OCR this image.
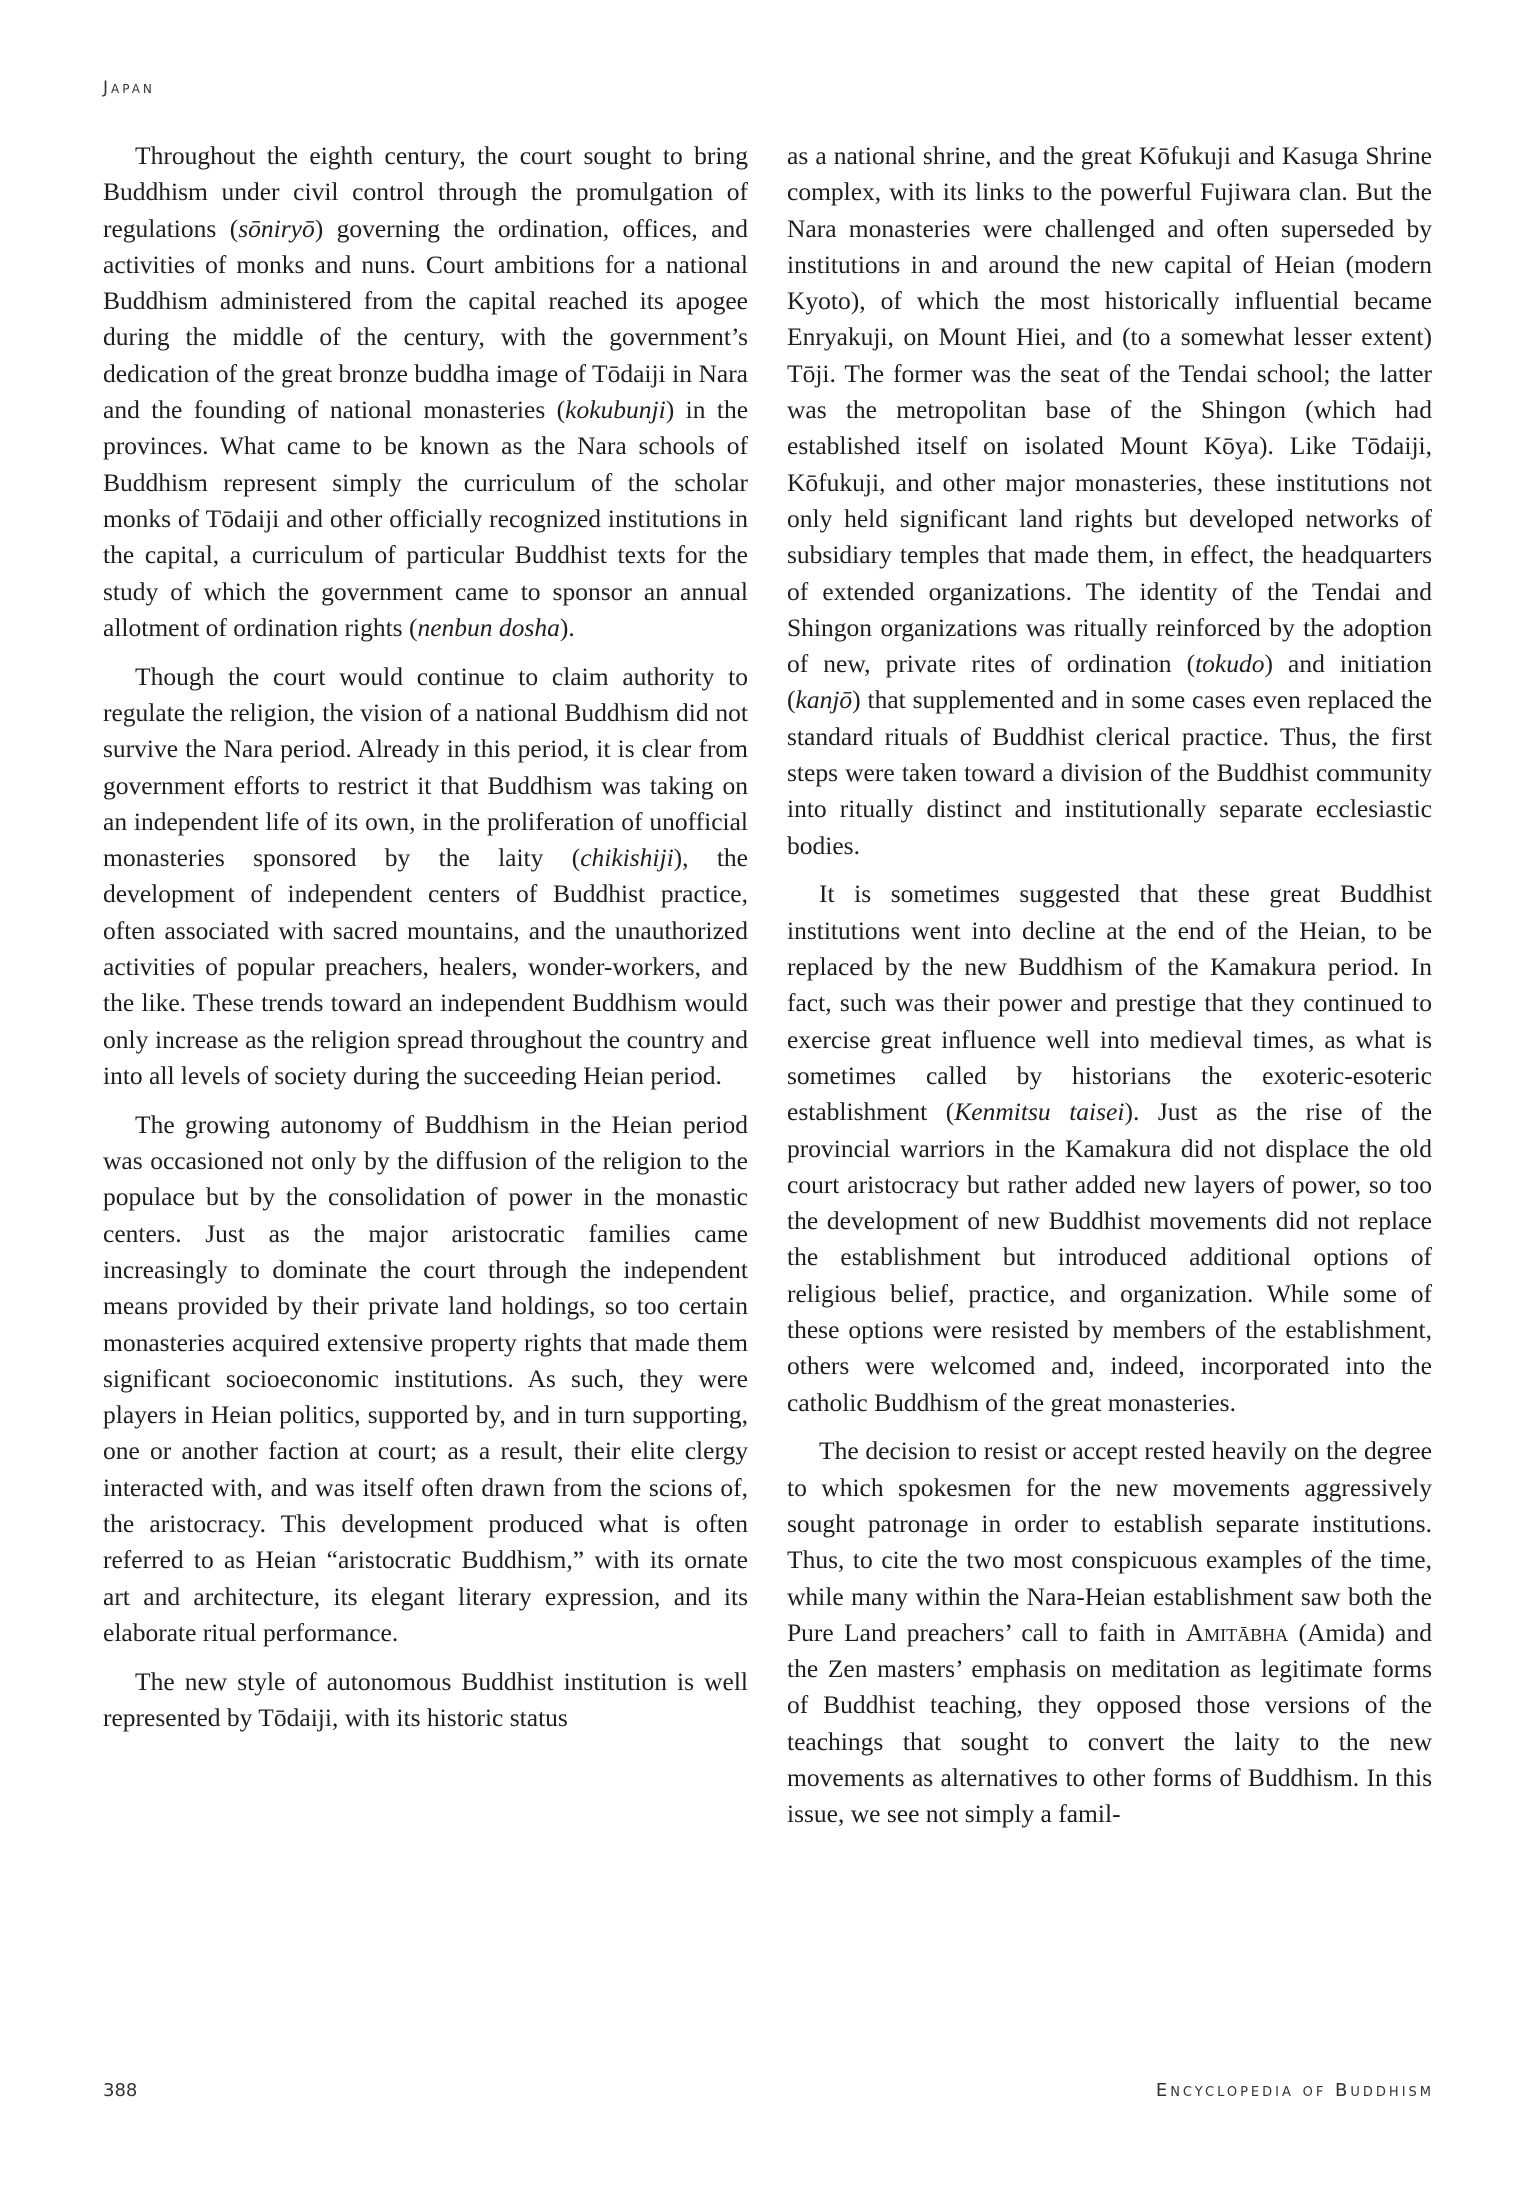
Japan

Throughout the eighth century, the court sought to bring Buddhism under civil control through the promulgation of regulations (sōniryō) governing the ordination, offices, and activities of monks and nuns. Court ambitions for a national Buddhism administered from the capital reached its apogee during the middle of the century, with the government’s dedication of the great bronze buddha image of Tōdaiji in Nara and the founding of national monasteries (kokubunji) in the provinces. What came to be known as the Nara schools of Buddhism represent simply the curriculum of the scholar monks of Tōdaiji and other officially recognized institutions in the capital, a curriculum of particular Buddhist texts for the study of which the government came to sponsor an annual allotment of ordination rights (nenbun dosha).

Though the court would continue to claim authority to regulate the religion, the vision of a national Buddhism did not survive the Nara period. Already in this period, it is clear from government efforts to restrict it that Buddhism was taking on an independent life of its own, in the proliferation of unofficial monasteries sponsored by the laity (chikishiji), the development of independent centers of Buddhist practice, often associated with sacred mountains, and the unauthorized activities of popular preachers, healers, wonder-workers, and the like. These trends toward an independent Buddhism would only increase as the religion spread throughout the country and into all levels of society during the succeeding Heian period.

The growing autonomy of Buddhism in the Heian period was occasioned not only by the diffusion of the religion to the populace but by the consolidation of power in the monastic centers. Just as the major aristocratic families came increasingly to dominate the court through the independent means provided by their private land holdings, so too certain monasteries acquired extensive property rights that made them significant socioeconomic institutions. As such, they were players in Heian politics, supported by, and in turn supporting, one or another faction at court; as a result, their elite clergy interacted with, and was itself often drawn from the scions of, the aristocracy. This development produced what is often referred to as Heian “aristocratic Buddhism,” with its ornate art and architecture, its elegant literary expression, and its elaborate ritual performance.

The new style of autonomous Buddhist institution is well represented by Tōdaiji, with its historic status

as a national shrine, and the great Kōfukuji and Kasuga Shrine complex, with its links to the powerful Fujiwara clan. But the Nara monasteries were challenged and often superseded by institutions in and around the new capital of Heian (modern Kyoto), of which the most historically influential became Enryakuji, on Mount Hiei, and (to a somewhat lesser extent) Tōji. The former was the seat of the Tendai school; the latter was the metropolitan base of the Shingon (which had established itself on isolated Mount Kōya). Like Tōdaiji, Kōfukuji, and other major monasteries, these institutions not only held significant land rights but developed networks of subsidiary temples that made them, in effect, the headquarters of extended organizations. The identity of the Tendai and Shingon organizations was ritually reinforced by the adoption of new, private rites of ordination (tokudo) and initiation (kanjō) that supplemented and in some cases even replaced the standard rituals of Buddhist clerical practice. Thus, the first steps were taken toward a division of the Buddhist community into ritually distinct and institutionally separate ecclesiastic bodies.

It is sometimes suggested that these great Buddhist institutions went into decline at the end of the Heian, to be replaced by the new Buddhism of the Kamakura period. In fact, such was their power and prestige that they continued to exercise great influence well into medieval times, as what is sometimes called by historians the exoteric-esoteric establishment (Kenmitsu taisei). Just as the rise of the provincial warriors in the Kamakura did not displace the old court aristocracy but rather added new layers of power, so too the development of new Buddhist movements did not replace the establishment but introduced additional options of religious belief, practice, and organization. While some of these options were resisted by members of the establishment, others were welcomed and, indeed, incorporated into the catholic Buddhism of the great monasteries.

The decision to resist or accept rested heavily on the degree to which spokesmen for the new movements aggressively sought patronage in order to establish separate institutions. Thus, to cite the two most conspicuous examples of the time, while many within the Nara-Heian establishment saw both the Pure Land preachers’ call to faith in Amitābha (Amida) and the Zen masters’ emphasis on meditation as legitimate forms of Buddhist teaching, they opposed those versions of the teachings that sought to convert the laity to the new movements as alternatives to other forms of Buddhism. In this issue, we see not simply a famil-

388	Encyclopedia of Buddhism
